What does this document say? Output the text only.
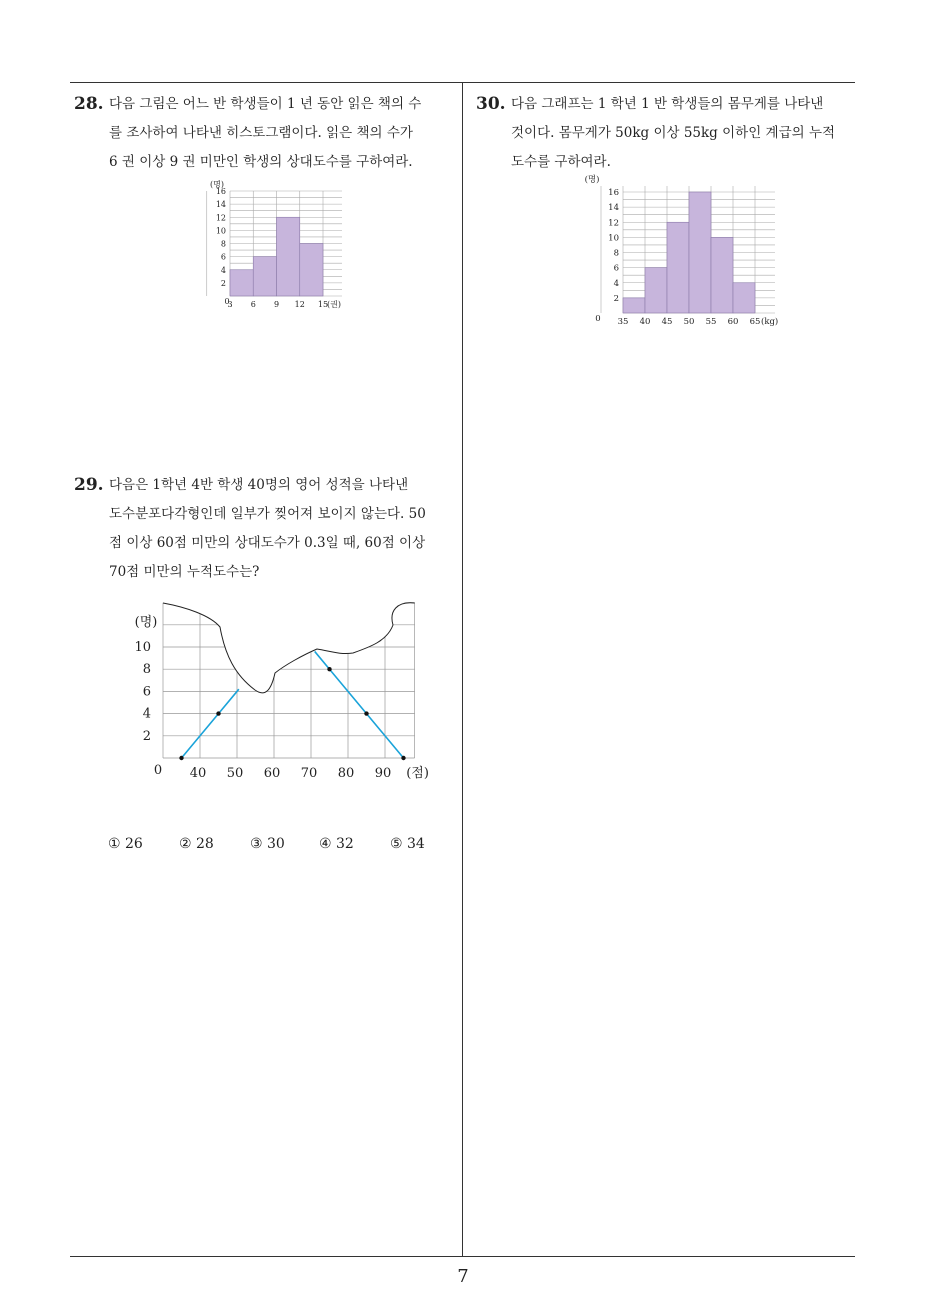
28. 다음 그림은 어느 반 학생들이 1 년 동안 읽은 책의 수
를 조사하여 나타낸 히스토그램이다. 읽은 책의 수가
6 권 이상 9 권 미만인 학생의 상대도수를 구하여라.
16
14
12
10
8
6
4
2
3 6 9 12 15
(권)
0
(명)
30. 다음 그래프는 1 학년 1 반 학생들의 몸무게를 나타낸
것이다. 몸무게가 50kg 이상 55kg 이하인 계급의 누적
도수를 구하여라.
16
14
12
10
8
6
4
2
35 40 45 50 55 60 65 (kg)
0
(명)
29. 다음은 1학년 4반 학생 40명의 영어 성적을 나타낸
도수분포다각형인데 일부가 찢어져 보이지 않는다. 50
점 이상 60점 미만의 상대도수가 0.3일 때, 60점 이상
70점 미만의 누적도수는?
10
8
6
4
2
40 50 60 70 80 90 (점)
0
(명)
① 26	② 28	③ 30 ④ 32	⑤ 34
7
